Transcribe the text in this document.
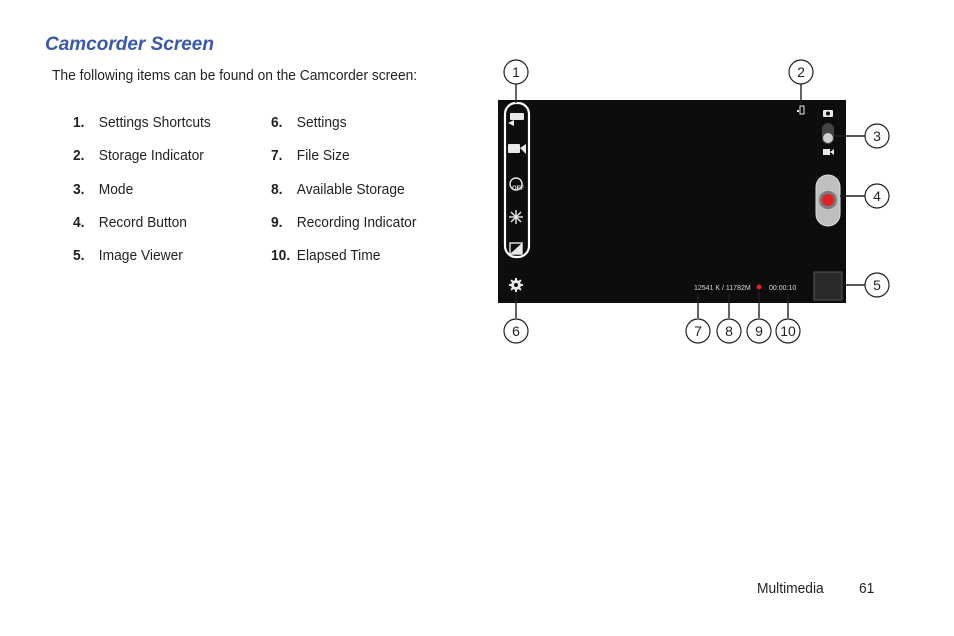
Camcorder Screen

The following items can be found on the Camcorder screen:

1. Settings Shortcuts
2. Storage Indicator
3. Mode
4. Record Button
5. Image Viewer
6. Settings
7. File Size
8. Available Storage
9. Recording Indicator
10. Elapsed Time
OFF
12541 K / 11782M	00:00:10
1	2
3
4
5
6	7 8 9 10
Multimedia 61
